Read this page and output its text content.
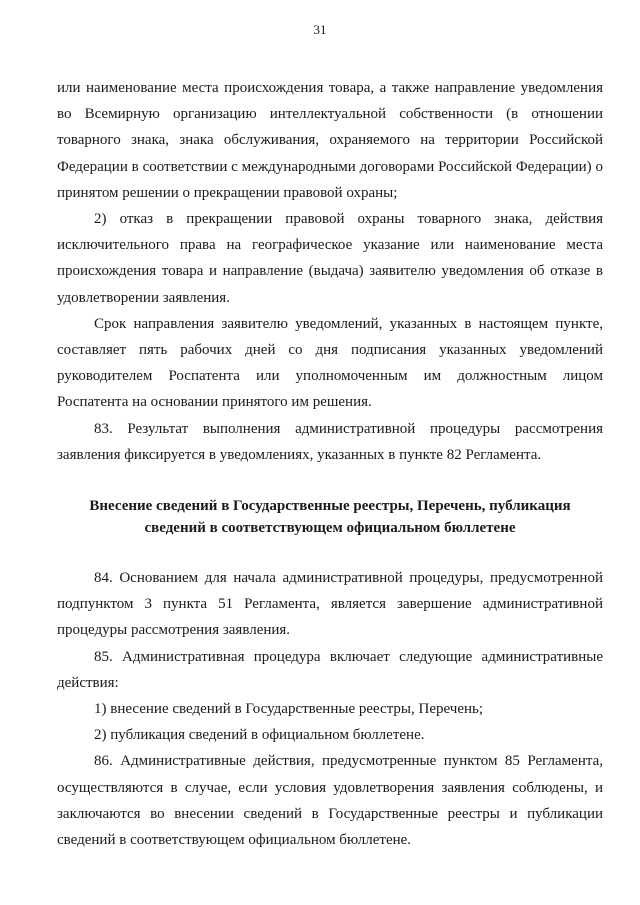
31

или наименование места происхождения товара, а также направление уведомления во Всемирную организацию интеллектуальной собственности (в отношении товарного знака, знака обслуживания, охраняемого на территории Российской Федерации в соответствии с международными договорами Российской Федерации) о принятом решении о прекращении правовой охраны;

2) отказ в прекращении правовой охраны товарного знака, действия исключительного права на географическое указание или наименование места происхождения товара и направление (выдача) заявителю уведомления об отказе в удовлетворении заявления.

Срок направления заявителю уведомлений, указанных в настоящем пункте, составляет пять рабочих дней со дня подписания указанных уведомлений руководителем Роспатента или уполномоченным им должностным лицом Роспатента на основании принятого им решения.

83. Результат выполнения административной процедуры рассмотрения заявления фиксируется в уведомлениях, указанных в пункте 82 Регламента.

Внесение сведений в Государственные реестры, Перечень, публикация сведений в соответствующем официальном бюллетене

84. Основанием для начала административной процедуры, предусмотренной подпунктом 3 пункта 51 Регламента, является завершение административной процедуры рассмотрения заявления.

85. Административная процедура включает следующие административные действия:

1) внесение сведений в Государственные реестры, Перечень;

2) публикация сведений в официальном бюллетене.

86. Административные действия, предусмотренные пунктом 85 Регламента, осуществляются в случае, если условия удовлетворения заявления соблюдены, и заключаются во внесении сведений в Государственные реестры и публикации сведений в соответствующем официальном бюллетене.
